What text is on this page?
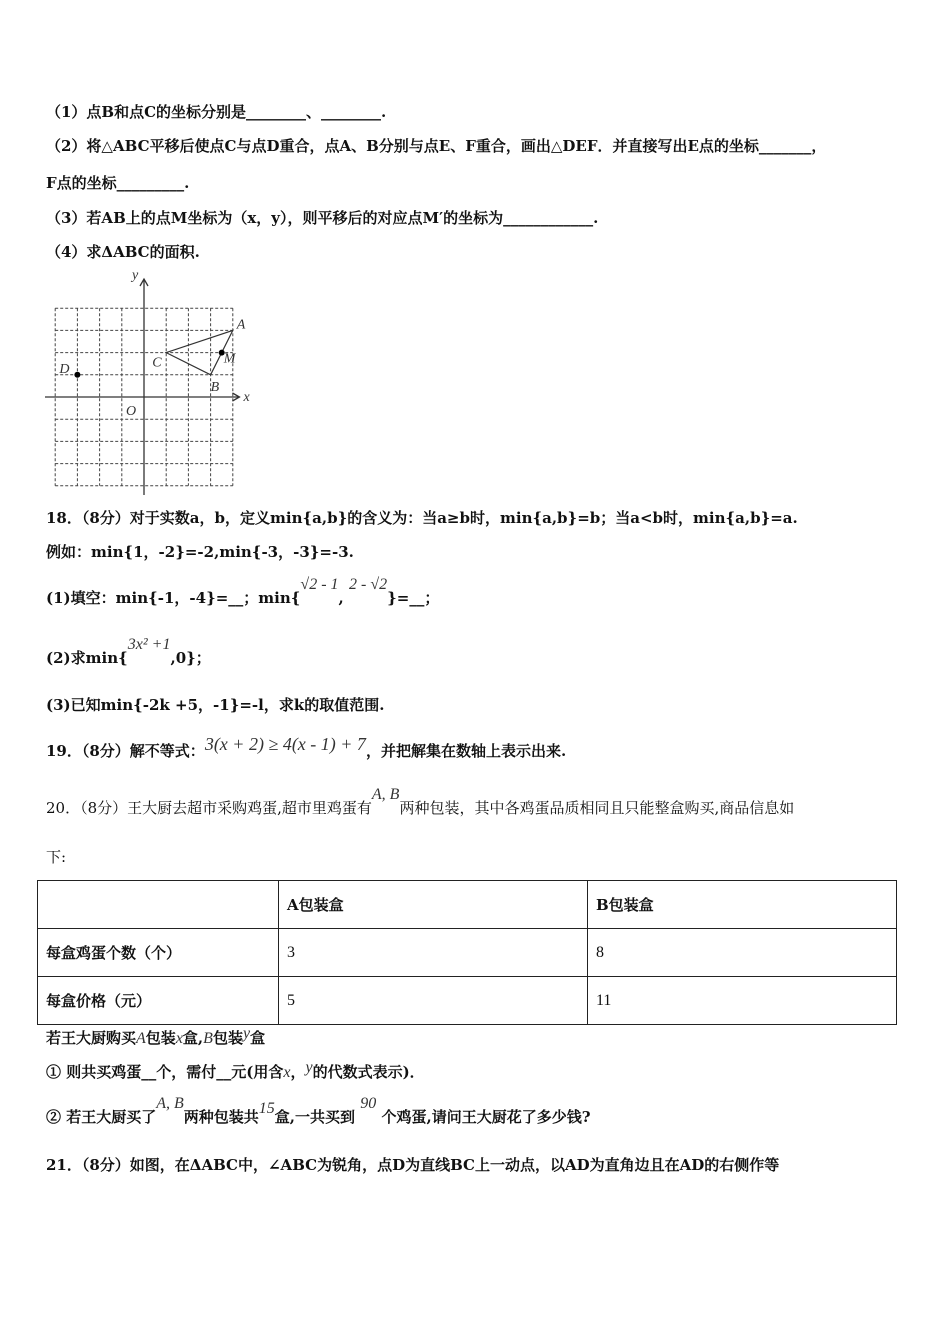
（1）点B和点C的坐标分别是________、________.
（2）将△ABC平移后使点C与点D重合，点A、B分别与点E、F重合，画出△DEF．并直接写出E点的坐标_______，
F点的坐标_________.
（3）若AB上的点M坐标为（x，y），则平移后的对应点M′的坐标为____________.
（4）求ΔABC的面积.
A
B
C
D
M
x
y
O
18．（8分）对于实数a，b，定义min{a,b}的含义为：当a≥b时，min{a,b}=b；当a<b时，min{a,b}=a.
例如：min{1，-2}=-2,min{-3，-3}=-3.
(1)填空：min{-1，-4}=__；min{√2 - 1, 2 - √2}=__；
(2)求min{3x² +1,0}；
(3)已知min{-2k +5，-1}=-l，求k的取值范围.
19．（8分）解不等式：3(x + 2) ≥ 4(x - 1) + 7，并把解集在数轴上表示出来.
20．（8分）王大厨去超市采购鸡蛋,超市里鸡蛋有A, B两种包装，其中各鸡蛋品质相同且只能整盒购买,商品信息如
下:
	A包装盒	B包装盒
每盒鸡蛋个数（个）	3	8
每盒价格（元）	5	11
若王大厨购买A包装x盒,B包装y盒
① 则共买鸡蛋__个，需付__元(用含x，y的代数式表示)．
② 若王大厨买了A, B两种包装共15盒,一共买到 90 个鸡蛋,请问王大厨花了多少钱?
21．（8分）如图，在ΔABC中，∠ABC为锐角，点D为直线BC上一动点，以AD为直角边且在AD的右侧作等
